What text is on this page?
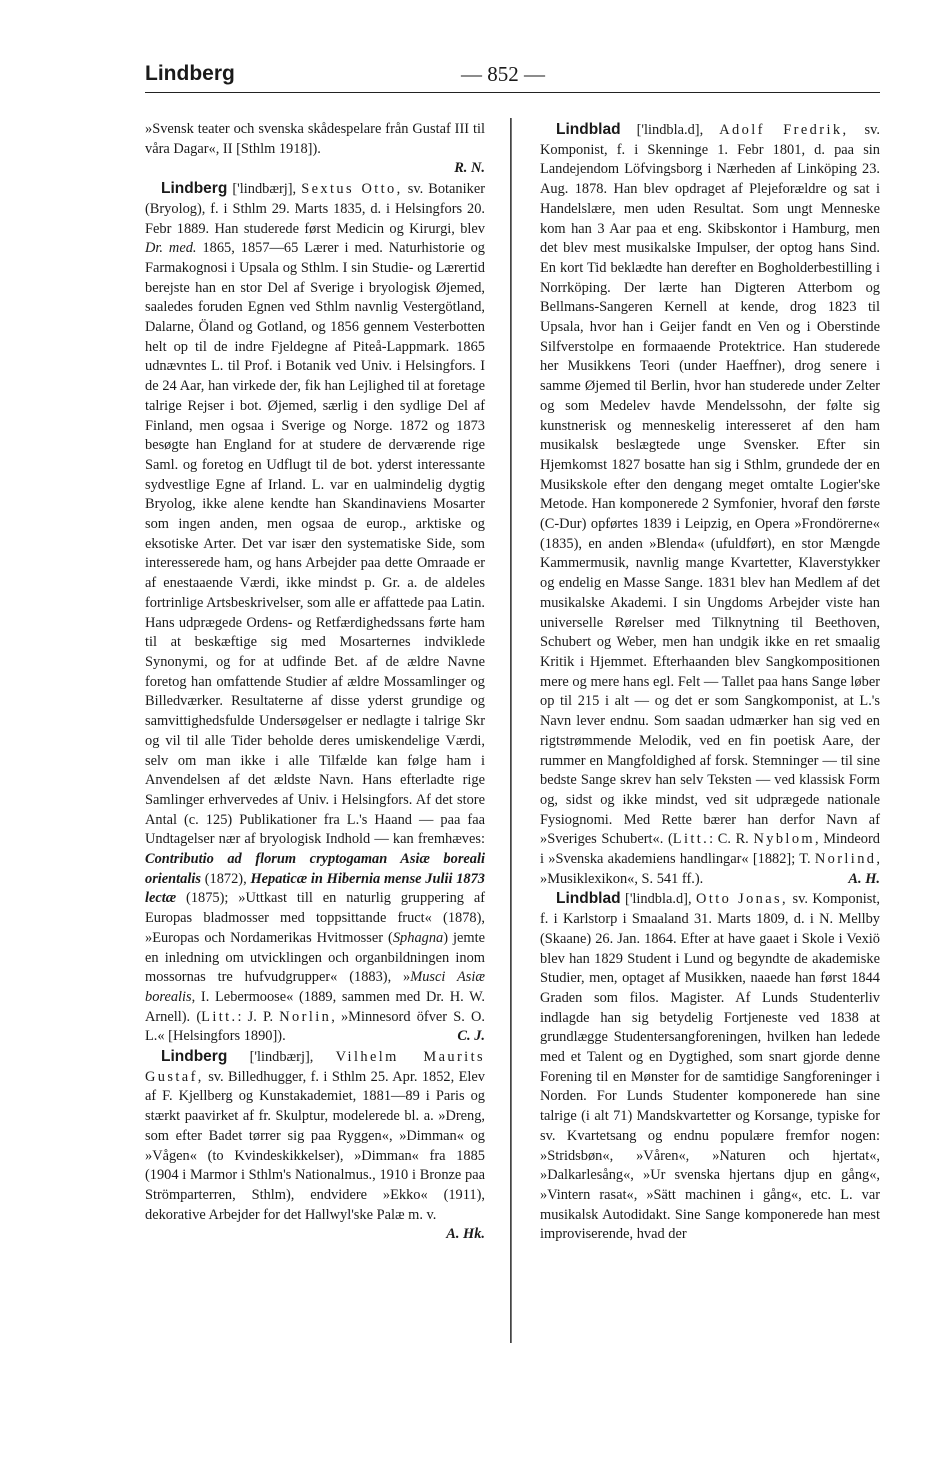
Lindberg	— 852 —

»Svensk teater och svenska skådespelare från Gustaf III til våra Dagar«, II [Sthlm 1918]).
R. N.

Lindberg ['lindbærj], Sextus Otto, sv. Botaniker (Bryolog), f. i Sthlm 29. Marts 1835, d. i Helsingfors 20. Febr 1889. Han studerede først Medicin og Kirurgi, blev Dr. med. 1865, 1857—65 Lærer i med. Naturhistorie og Farmakognosi i Upsala og Sthlm. I sin Studie- og Lærertid berejste han en stor Del af Sverige i bryologisk Øjemed, saaledes foruden Egnen ved Sthlm navnlig Vestergötland, Dalarne, Öland og Gotland, og 1856 gennem Vesterbotten helt op til de indre Fjeldegne af Piteå-Lappmark. 1865 udnævntes L. til Prof. i Botanik ved Univ. i Helsingfors. I de 24 Aar, han virkede der, fik han Lejlighed til at foretage talrige Rejser i bot. Øjemed, særlig i den sydlige Del af Finland, men ogsaa i Sverige og Norge. 1872 og 1873 besøgte han England for at studere de derværende rige Saml. og foretog en Udflugt til de bot. yderst interessante sydvestlige Egne af Irland. L. var en ualmindelig dygtig Bryolog, ikke alene kendte han Skandinaviens Mosarter som ingen anden, men ogsaa de europ., arktiske og eksotiske Arter. Det var især den systematiske Side, som interesserede ham, og hans Arbejder paa dette Omraade er af enestaaende Værdi, ikke mindst p. Gr. a. de aldeles fortrinlige Artsbeskrivelser, som alle er affattede paa Latin. Hans udprægede Ordens- og Retfærdighedssans førte ham til at beskæftige sig med Mosarternes indviklede Synonymi, og for at udfinde Bet. af de ældre Navne foretog han omfattende Studier af ældre Mossamlinger og Billedværker. Resultaterne af disse yderst grundige og samvittighedsfulde Undersøgelser er nedlagte i talrige Skr og vil til alle Tider beholde deres umiskendelige Værdi, selv om man ikke i alle Tilfælde kan følge ham i Anvendelsen af det ældste Navn. Hans efterladte rige Samlinger erhvervedes af Univ. i Helsingfors. Af det store Antal (c. 125) Publikationer fra L.'s Haand — paa faa Undtagelser nær af bryologisk Indhold — kan fremhæves: Contributio ad florum cryptogaman Asiæ boreali orientalis (1872), Hepaticæ in Hibernia mense Julii 1873 lectæ (1875); »Uttkast till en naturlig gruppering af Europas bladmosser med toppsittande fruct« (1878), »Europas och Nordamerikas Hvitmosser (Sphagna) jemte en inledning om utvicklingen och organbildningen inom mossornas tre hufvudgrupper« (1883), »Musci Asiæ borealis, I. Lebermoose« (1889, sammen med Dr. H. W. Arnell). (Litt.: J. P. Norlin, »Minnesord öfver S. O. L.« [Helsingfors 1890]).	C. J.

Lindberg ['lindbærj], Vilhelm Maurits Gustaf, sv. Billedhugger, f. i Sthlm 25. Apr. 1852, Elev af F. Kjellberg og Kunstakademiet, 1881—89 i Paris og stærkt paavirket af fr. Skulptur, modelerede bl. a. »Dreng, som efter Badet tørrer sig paa Ryggen«, »Dimman« og »Vågen« (to Kvindeskikkelser), »Dimman« fra 1885 (1904 i Marmor i Sthlm's Nationalmus., 1910 i Bronze paa Strömparterren, Sthlm), endvidere »Ekko« (1911), dekorative Arbejder for det Hallwyl'ske Palæ m. v.
A. Hk.

Lindblad ['lindbla.d], Adolf Fredrik, sv. Komponist, f. i Skenninge 1. Febr 1801, d. paa sin Landejendom Löfvingsborg i Nærheden af Linköping 23. Aug. 1878. Han blev opdraget af Plejeforældre og sat i Handelslære, men uden Resultat. Som ungt Menneske kom han 3 Aar paa et eng. Skibskontor i Hamburg, men det blev mest musikalske Impulser, der optog hans Sind. En kort Tid beklædte han derefter en Bogholderbestilling i Norrköping. Der lærte han Digteren Atterbom og Bellmans-Sangeren Kernell at kende, drog 1823 til Upsala, hvor han i Geijer fandt en Ven og i Oberstinde Silfverstolpe en formaaende Protektrice. Han studerede her Musikkens Teori (under Haeffner), drog senere i samme Øjemed til Berlin, hvor han studerede under Zelter og som Medelev havde Mendelssohn, der følte sig kunstnerisk og menneskelig interesseret af den ham musikalsk beslægtede unge Svensker. Efter sin Hjemkomst 1827 bosatte han sig i Sthlm, grundede der en Musikskole efter den dengang meget omtalte Logier'ske Metode. Han komponerede 2 Symfonier, hvoraf den første (C-Dur) opførtes 1839 i Leipzig, en Opera »Frondörerne« (1835), en anden »Blenda« (ufuldført), en stor Mængde Kammermusik, navnlig mange Kvartetter, Klaverstykker og endelig en Masse Sange. 1831 blev han Medlem af det musikalske Akademi. I sin Ungdoms Arbejder viste han universelle Rørelser med Tilknytning til Beethoven, Schubert og Weber, men han undgik ikke en ret smaalig Kritik i Hjemmet. Efterhaanden blev Sangkompositionen mere og mere hans egl. Felt — Tallet paa hans Sange løber op til 215 i alt — og det er som Sangkomponist, at L.'s Navn lever endnu. Som saadan udmærker han sig ved en rigtstrømmende Melodik, ved en fin poetisk Aare, der rummer en Mangfoldighed af forsk. Stemninger — til sine bedste Sange skrev han selv Teksten — ved klassisk Form og, sidst og ikke mindst, ved sit udprægede nationale Fysiognomi. Med Rette bærer han derfor Navn af »Sveriges Schubert«. (Litt.: C. R. Nyblom, Mindeord i »Svenska akademiens handlingar« [1882]; T. Norlind, »Musiklexikon«, S. 541 ff.).	A. H.

Lindblad ['lindbla.d], Otto Jonas, sv. Komponist, f. i Karlstorp i Smaaland 31. Marts 1809, d. i N. Mellby (Skaane) 26. Jan. 1864. Efter at have gaaet i Skole i Vexiö blev han 1829 Student i Lund og begyndte de akademiske Studier, men, optaget af Musikken, naaede han først 1844 Graden som filos. Magister. Af Lunds Studenterliv indlagde han sig betydelig Fortjeneste ved 1838 at grundlægge Studentersangforeningen, hvilken han ledede med et Talent og en Dygtighed, som snart gjorde denne Forening til en Mønster for de samtidige Sangforeninger i Norden. For Lunds Studenter komponerede han sine talrige (i alt 71) Mandskvartetter og Korsange, typiske for sv. Kvartetsang og endnu populære fremfor nogen: »Stridsbøn«, »Våren«, »Naturen och hjertat«, »Dalkarlesång«, »Ur svenska hjertans djup en gång«, »Vintern rasat«, »Sätt machinen i gång«, etc. L. var musikalsk Autodidakt. Sine Sange komponerede han mest improviserende, hvad der
